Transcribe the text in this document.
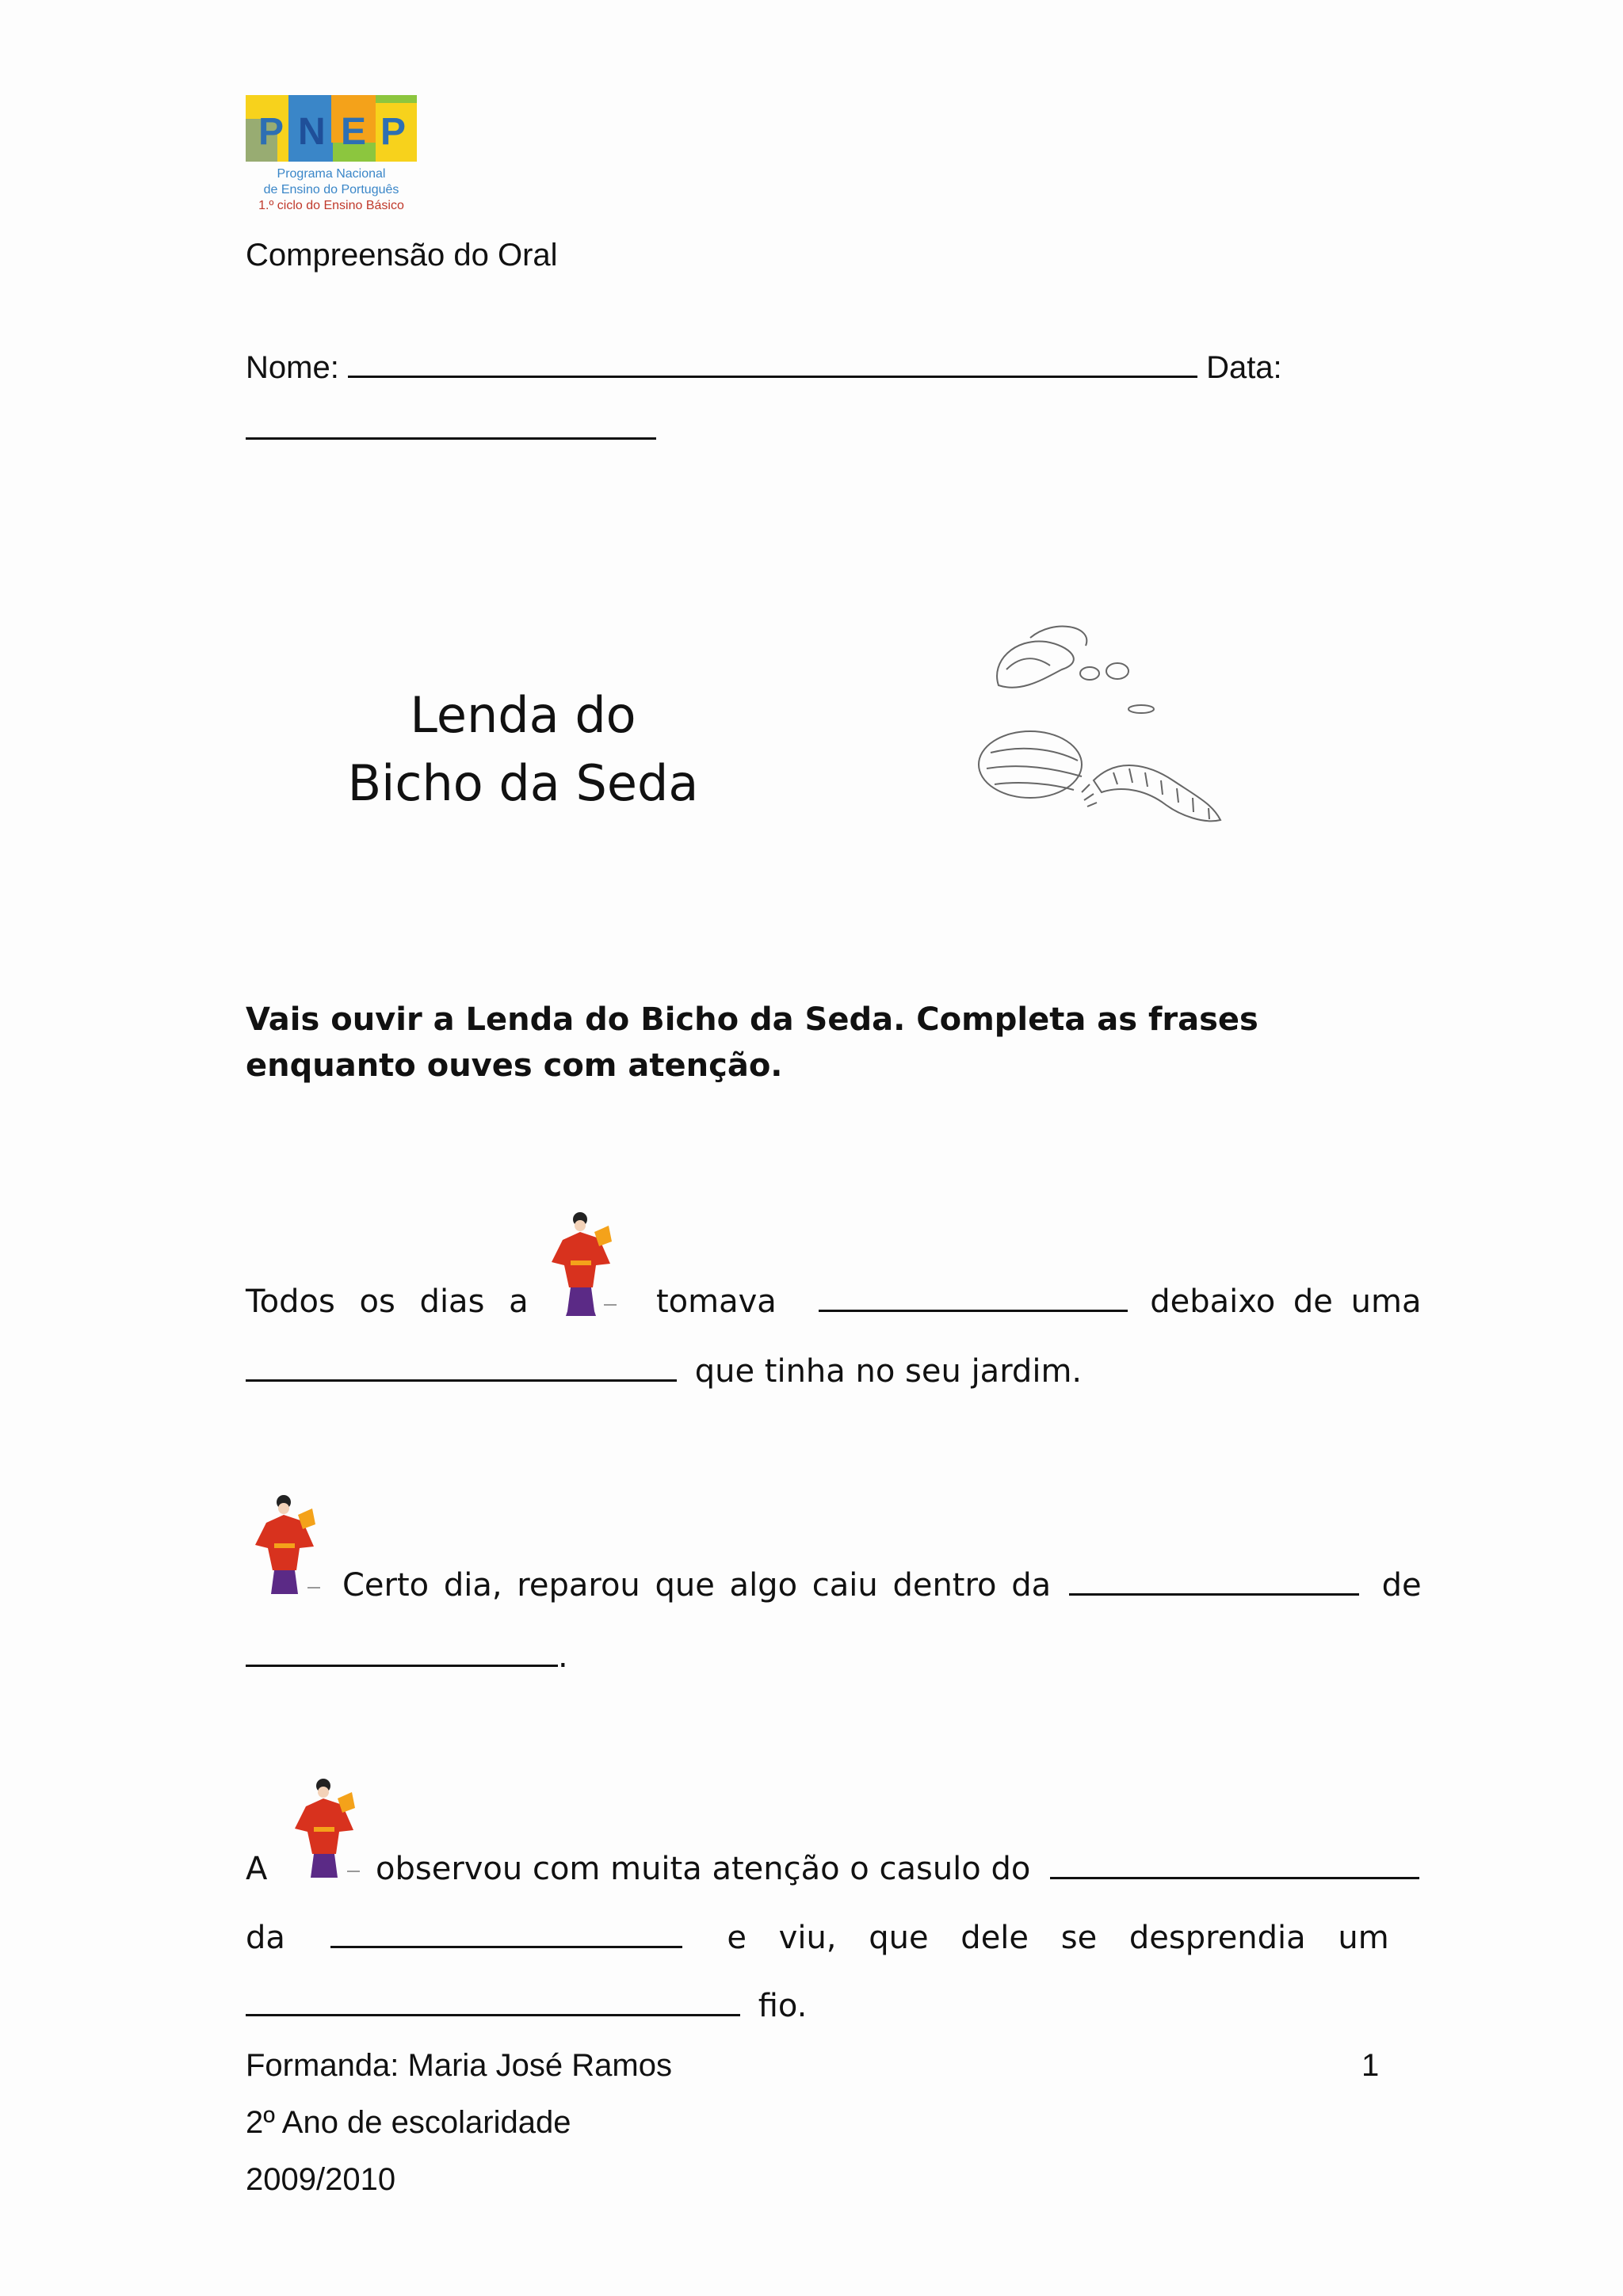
P N E P
Programa Nacional
de Ensino do Português
1.º ciclo do Ensino Básico
Compreensão do Oral
Nome:	Data:
Lenda do
Bicho da Seda
Vais ouvir a Lenda do Bicho da Seda. Completa as frases enquanto ouves com atenção.
Todos os dias a	tomava	debaixo de uma
que tinha no seu jardim.
Certo dia, reparou que algo caiu dentro da	de
.
A	observou com muita atenção o casulo do
da	e viu, que dele se desprendia um
fio.
Formanda: Maria José Ramos	1
2º Ano de escolaridade
2009/2010
